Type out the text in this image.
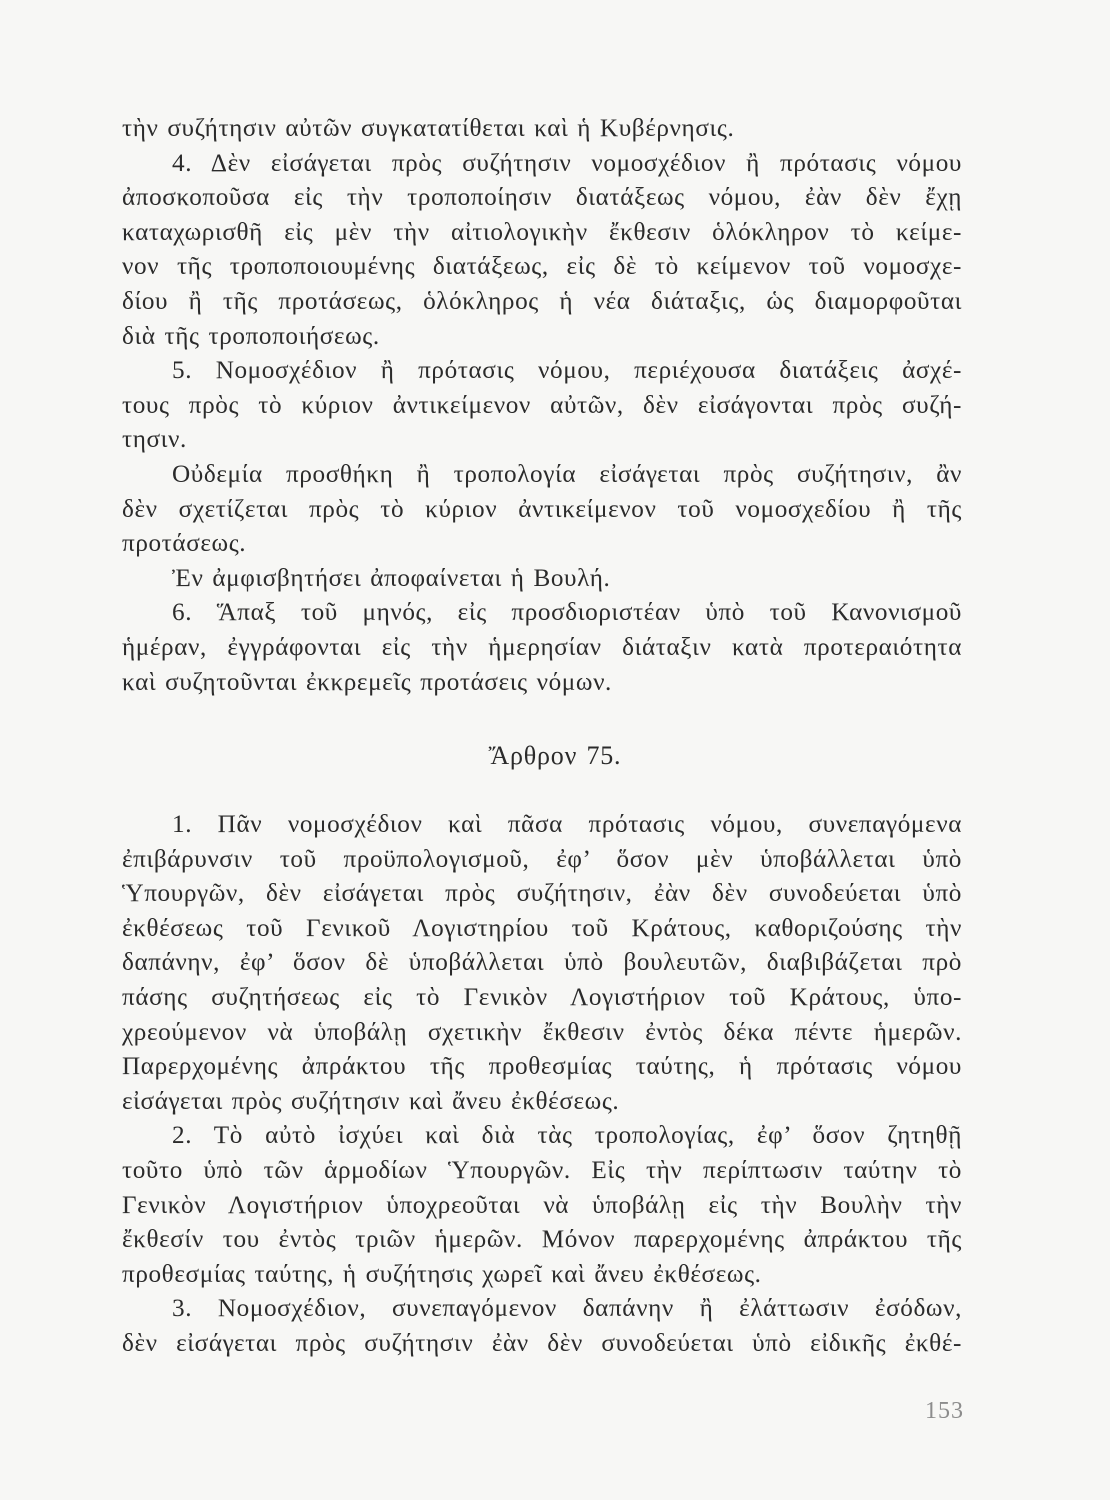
τὴν συζήτησιν αὐτῶν συγκατατίθεται καὶ ἡ Κυβέρνησις.
4. Δὲν εἰσάγεται πρὸς συζήτησιν νομοσχέδιον ἢ πρότασις νόμου
ἀποσκοποῦσα εἰς τὴν τροποποίησιν διατάξεως νόμου, ἐὰν δὲν ἔχῃ
καταχωρισθῆ εἰς μὲν τὴν αἰτιολογικὴν ἔκθεσιν ὁλόκληρον τὸ κείμε-
νον τῆς τροποποιουμένης διατάξεως, εἰς δὲ τὸ κείμενον τοῦ νομοσχε-
δίου ἢ τῆς προτάσεως, ὁλόκληρος ἡ νέα διάταξις, ὡς διαμορφοῦται
διὰ τῆς τροποποιήσεως.
5. Νομοσχέδιον ἢ πρότασις νόμου, περιέχουσα διατάξεις ἀσχέ-
τους πρὸς τὸ κύριον ἀντικείμενον αὐτῶν, δὲν εἰσάγονται πρὸς συζή-
τησιν.
Οὐδεμία προσθήκη ἢ τροπολογία εἰσάγεται πρὸς συζήτησιν, ἂν
δὲν σχετίζεται πρὸς τὸ κύριον ἀντικείμενον τοῦ νομοσχεδίου ἢ τῆς
προτάσεως.
Ἐν ἀμφισβητήσει ἀποφαίνεται ἡ Βουλή.
6. Ἅπαξ τοῦ μηνός, εἰς προσδιοριστέαν ὑπὸ τοῦ Κανονισμοῦ
ἡμέραν, ἐγγράφονται εἰς τὴν ἡμερησίαν διάταξιν κατὰ προτεραιότητα
καὶ συζητοῦνται ἐκκρεμεῖς προτάσεις νόμων.
Ἄρθρον 75.
1. Πᾶν νομοσχέδιον καὶ πᾶσα πρότασις νόμου, συνεπαγόμενα
ἐπιβάρυνσιν τοῦ προϋπολογισμοῦ, ἐφ’ ὅσον μὲν ὑποβάλλεται ὑπὸ
Ὑπουργῶν, δὲν εἰσάγεται πρὸς συζήτησιν, ἐὰν δὲν συνοδεύεται ὑπὸ
ἐκθέσεως τοῦ Γενικοῦ Λογιστηρίου τοῦ Κράτους, καθοριζούσης τὴν
δαπάνην, ἐφ’ ὅσον δὲ ὑποβάλλεται ὑπὸ βουλευτῶν, διαβιβάζεται πρὸ
πάσης συζητήσεως εἰς τὸ Γενικὸν Λογιστήριον τοῦ Κράτους, ὑπο-
χρεούμενον νὰ ὑποβάλῃ σχετικὴν ἔκθεσιν ἐντὸς δέκα πέντε ἡμερῶν.
Παρερχομένης ἀπράκτου τῆς προθεσμίας ταύτης, ἡ πρότασις νόμου
εἰσάγεται πρὸς συζήτησιν καὶ ἄνευ ἐκθέσεως.
2. Τὸ αὐτὸ ἰσχύει καὶ διὰ τὰς τροπολογίας, ἐφ’ ὅσον ζητηθῇ
τοῦτο ὑπὸ τῶν ἁρμοδίων Ὑπουργῶν. Εἰς τὴν περίπτωσιν ταύτην τὸ
Γενικὸν Λογιστήριον ὑποχρεοῦται νὰ ὑποβάλῃ εἰς τὴν Βουλὴν τὴν
ἔκθεσίν του ἐντὸς τριῶν ἡμερῶν. Μόνον παρερχομένης ἀπράκτου τῆς
προθεσμίας ταύτης, ἡ συζήτησις χωρεῖ καὶ ἄνευ ἐκθέσεως.
3. Νομοσχέδιον, συνεπαγόμενον δαπάνην ἢ ἐλάττωσιν ἐσόδων,
δὲν εἰσάγεται πρὸς συζήτησιν ἐὰν δὲν συνοδεύεται ὑπὸ εἰδικῆς ἐκθέ-
153
